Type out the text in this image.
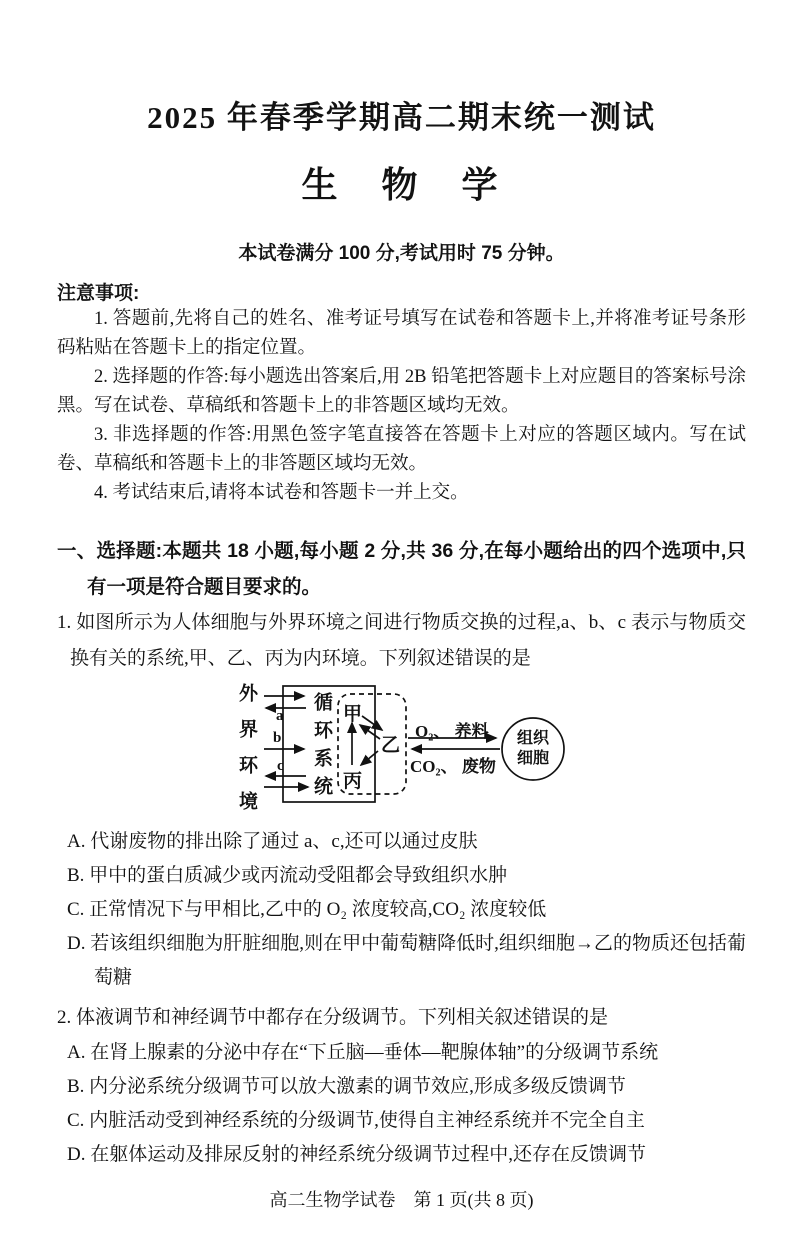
2025 年春季学期高二期末统一测试
生　物　学

本试卷满分 100 分,考试用时 75 分钟。

注意事项:

1. 答题前,先将自己的姓名、准考证号填写在试卷和答题卡上,并将准考证号条形码粘贴在答题卡上的指定位置。

2. 选择题的作答:每小题选出答案后,用 2B 铅笔把答题卡上对应题目的答案标号涂黑。写在试卷、草稿纸和答题卡上的非答题区域均无效。

3. 非选择题的作答:用黑色签字笔直接答在答题卡上对应的答题区域内。写在试卷、草稿纸和答题卡上的非答题区域均无效。

4. 考试结束后,请将本试卷和答题卡一并上交。

一、选择题:本题共 18 小题,每小题 2 分,共 36 分,在每小题给出的四个选项中,只有一项是符合题目要求的。

1. 如图所示为人体细胞与外界环境之间进行物质交换的过程,a、b、c 表示与物质交换有关的系统,甲、乙、丙为内环境。下列叙述错误的是

外界环境 a
b
c 循环系统 甲
乙
丙
O₂、 养料
CO₂、 废物
组织细胞

A. 代谢废物的排出除了通过 a、c,还可以通过皮肤

B. 甲中的蛋白质减少或丙流动受阻都会导致组织水肿

C. 正常情况下与甲相比,乙中的 O₂ 浓度较高,CO₂ 浓度较低

D. 若该组织细胞为肝脏细胞,则在甲中葡萄糖降低时,组织细胞→乙的物质还包括葡萄糖

2. 体液调节和神经调节中都存在分级调节。下列相关叙述错误的是

A. 在肾上腺素的分泌中存在“下丘脑—垂体—靶腺体轴”的分级调节系统

B. 内分泌系统分级调节可以放大激素的调节效应,形成多级反馈调节

C. 内脏活动受到神经系统的分级调节,使得自主神经系统并不完全自主

D. 在躯体运动及排尿反射的神经系统分级调节过程中,还存在反馈调节

高二生物学试卷　第 1 页(共 8 页)
